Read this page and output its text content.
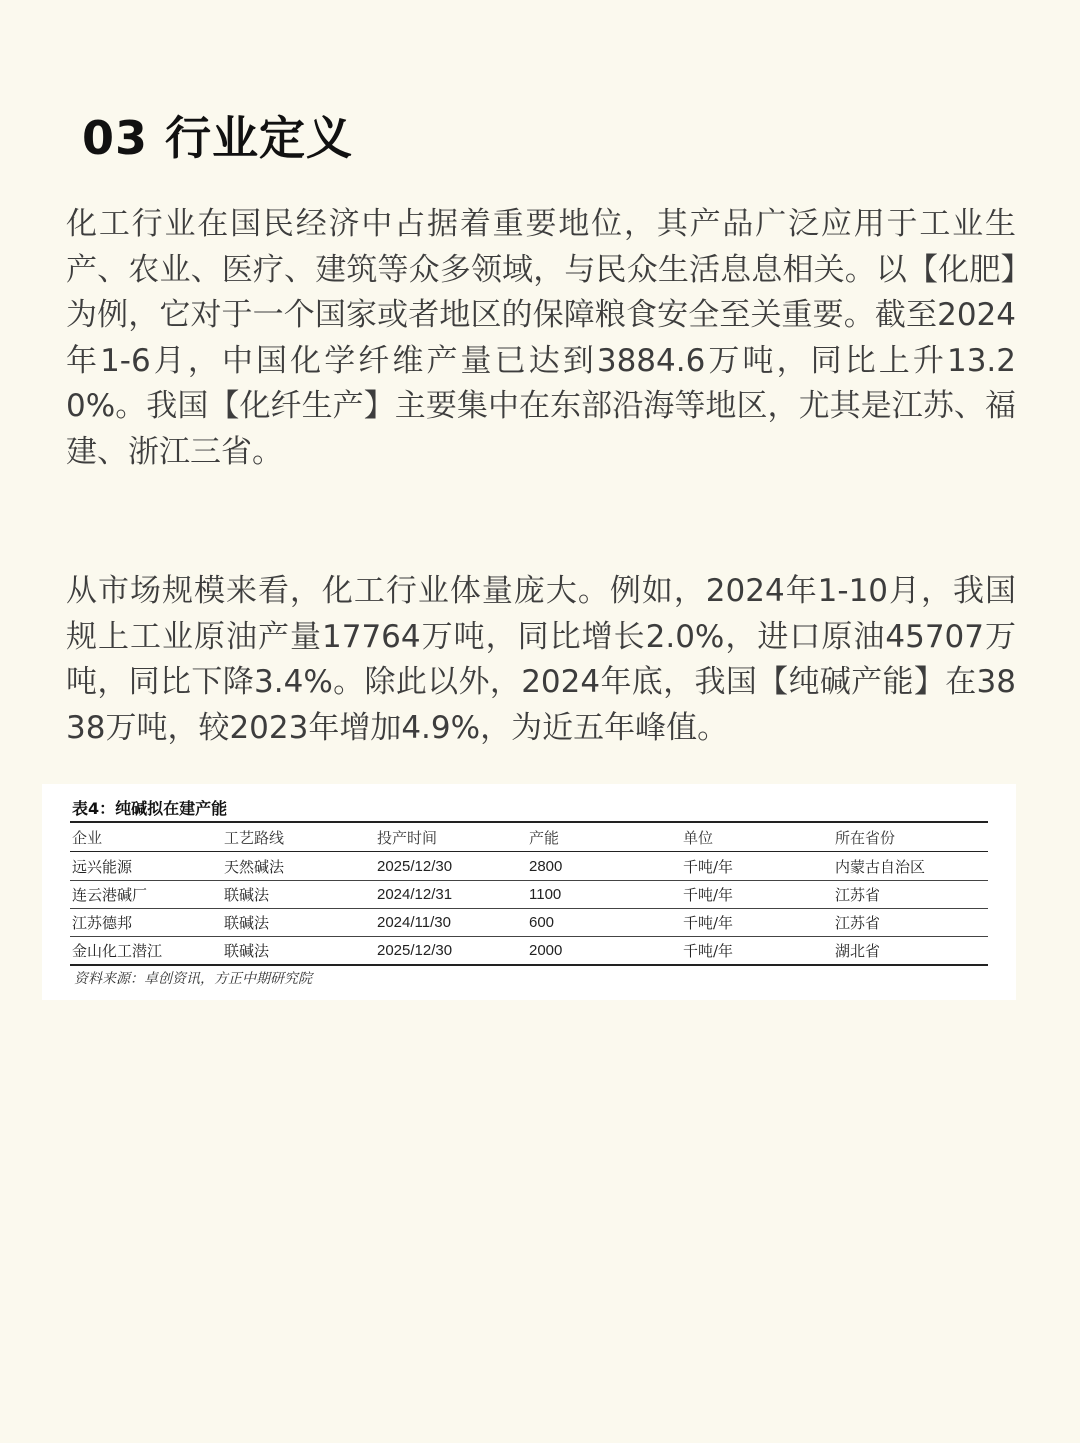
03 行业定义

化工行业在国民经济中占据着重要地位，其产品广泛应用于工业生产、农业、医疗、建筑等众多领域，与民众生活息息相关。以【化肥】为例，它对于一个国家或者地区的保障粮食安全至关重要。截至2024年1-6月，中国化学纤维产量已达到3884.6万吨，同比上升13.20%。我国【化纤生产】主要集中在东部沿海等地区，尤其是江苏、福建、浙江三省。

从市场规模来看，化工行业体量庞大。例如，2024年1-10月，我国规上工业原油产量17764万吨，同比增长2.0%，进口原油45707万吨，同比下降3.4%。除此以外，2024年底，我国【纯碱产能】在3838万吨，较2023年增加4.9%，为近五年峰值。

表4：纯碱拟在建产能
企业	工艺路线	投产时间	产能	单位	所在省份
远兴能源	天然碱法	2025/12/30	2800	千吨/年	内蒙古自治区
连云港碱厂	联碱法	2024/12/31	1100	千吨/年	江苏省
江苏德邦	联碱法	2024/11/30	600	千吨/年	江苏省
金山化工潜江	联碱法	2025/12/30	2000	千吨/年	湖北省
资料来源：卓创资讯，方正中期研究院
